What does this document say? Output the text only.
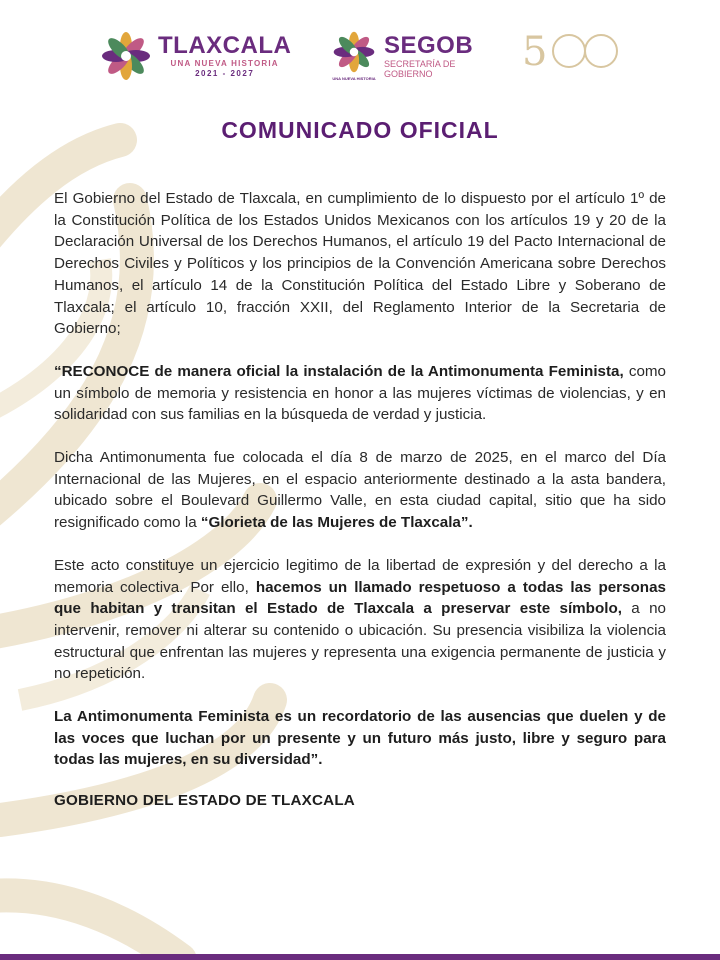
TLAXCALA
UNA NUEVA HISTORIA
2021 - 2027
UNA NUEVA HISTORIA
SEGOB
SECRETARÍA DE
GOBIERNO	5
COMUNICADO OFICIAL

El Gobierno del Estado de Tlaxcala, en cumplimiento de lo dispuesto por el artículo 1º de la Constitución Política de los Estados Unidos Mexicanos con los artículos 19 y 20 de la Declaración Universal de los Derechos Humanos, el artículo 19 del Pacto Internacional de Derechos Civiles y Políticos y los principios de la Convención Americana sobre Derechos Humanos, el artículo 14 de la Constitución Política del Estado Libre y Soberano de Tlaxcala; el artículo 10, fracción XXII, del Reglamento Interior de la Secretaria de Gobierno;

“RECONOCE de manera oficial la instalación de la Antimonumenta Feminista, como un símbolo de memoria y resistencia en honor a las mujeres víctimas de violencias, y en solidaridad con sus familias en la búsqueda de verdad y justicia.

Dicha Antimonumenta fue colocada el día 8 de marzo de 2025, en el marco del Día Internacional de las Mujeres, en el espacio anteriormente destinado a la asta bandera, ubicado sobre el Boulevard Guillermo Valle, en esta ciudad capital, sitio que ha sido resignificado como la “Glorieta de las Mujeres de Tlaxcala”.

Este acto constituye un ejercicio legitimo de la libertad de expresión y del derecho a la memoria colectiva. Por ello, hacemos un llamado respetuoso a todas las personas que habitan y transitan el Estado de Tlaxcala a preservar este símbolo, a no intervenir, remover ni alterar su contenido o ubicación. Su presencia visibiliza la violencia estructural que enfrentan las mujeres y representa una exigencia permanente de justicia y no repetición.

La Antimonumenta Feminista es un recordatorio de las ausencias que duelen y de las voces que luchan por un presente y un futuro más justo, libre y seguro para todas las mujeres, en su diversidad”.

GOBIERNO DEL ESTADO DE TLAXCALA
